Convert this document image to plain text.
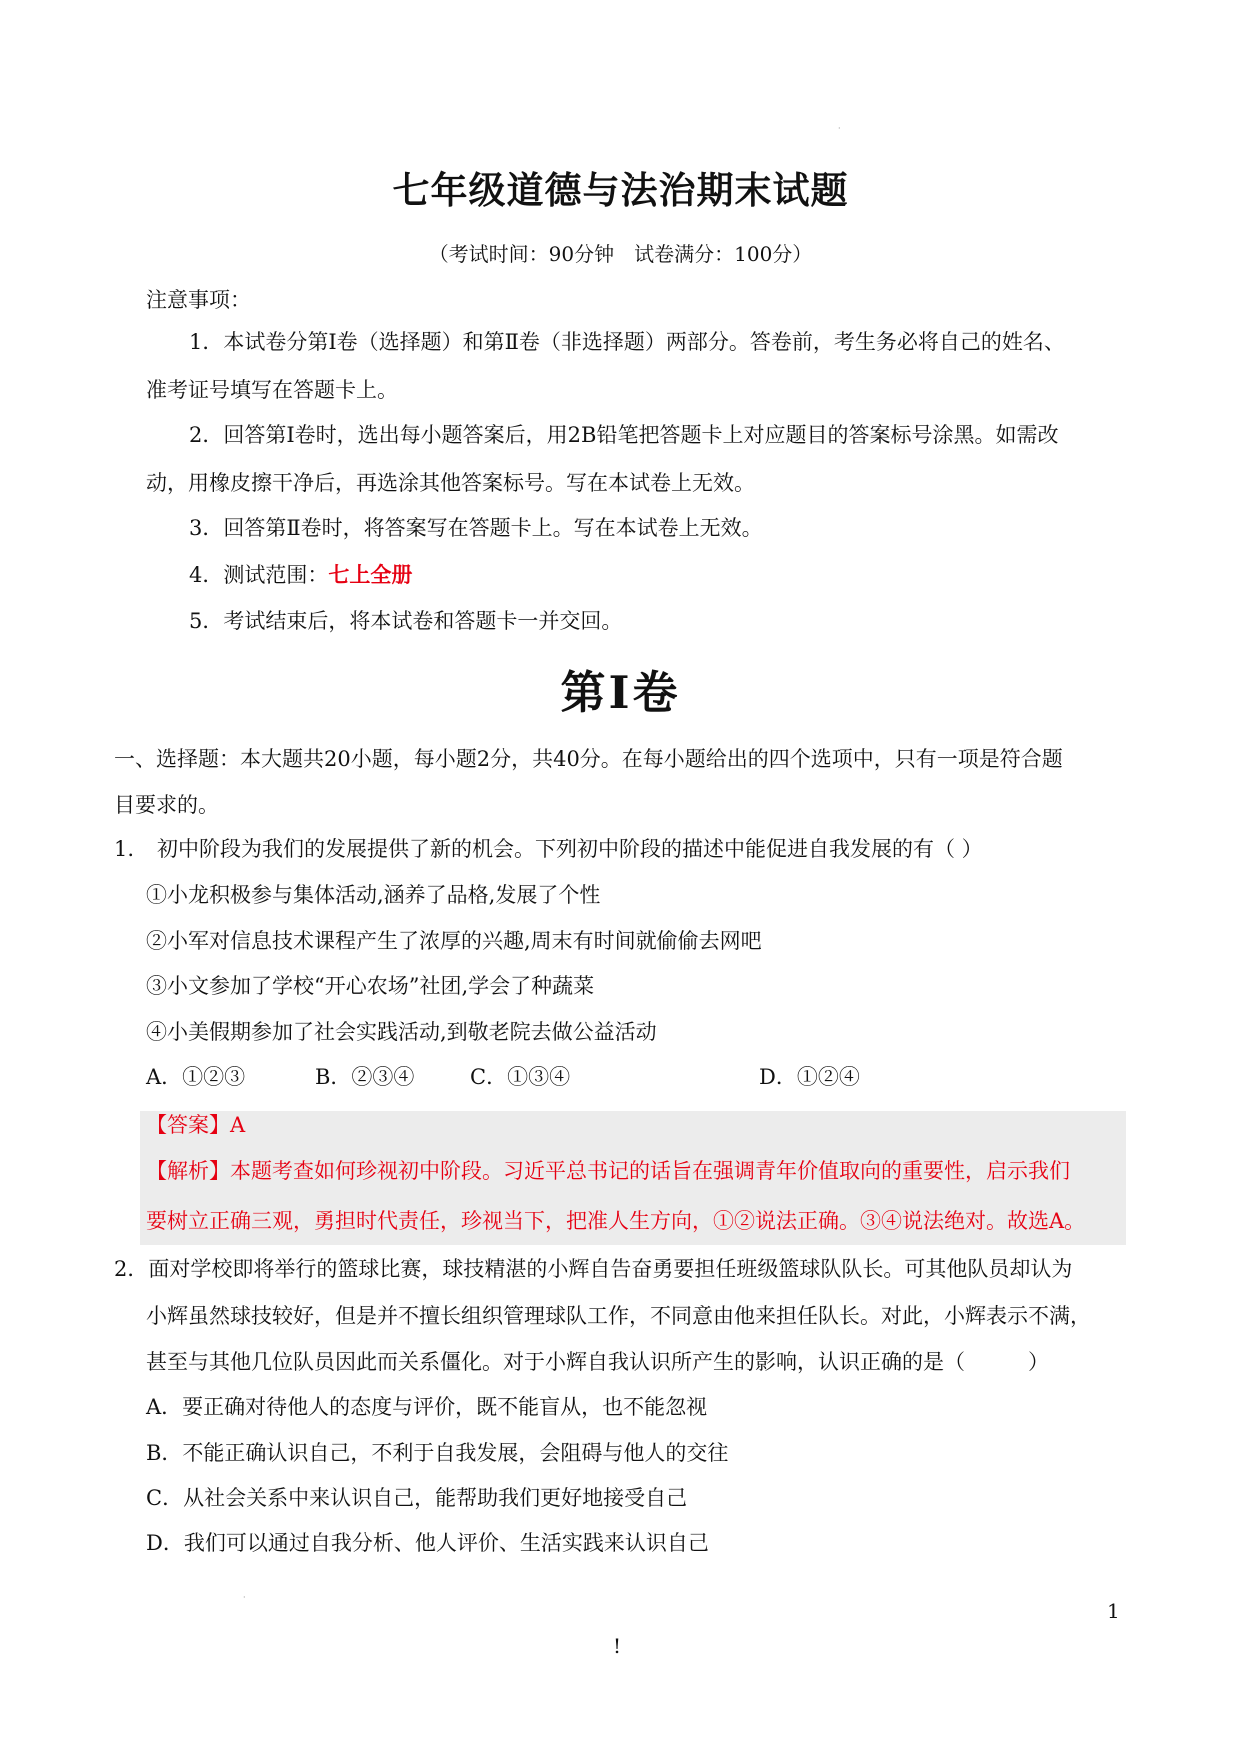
·
七年级道德与法治期末试题
（考试时间：90分钟　试卷满分：100分）
注意事项：
1．本试卷分第Ⅰ卷（选择题）和第Ⅱ卷（非选择题）两部分。答卷前，考生务必将自己的姓名、
准考证号填写在答题卡上。
2．回答第Ⅰ卷时，选出每小题答案后，用2B铅笔把答题卡上对应题目的答案标号涂黑。如需改
动，用橡皮擦干净后，再选涂其他答案标号。写在本试卷上无效。
3．回答第Ⅱ卷时，将答案写在答题卡上。写在本试卷上无效。
4．测试范围：七上全册
5．考试结束后，将本试卷和答题卡一并交回。
第Ⅰ卷
一、选择题：本大题共20小题，每小题2分，共40分。在每小题给出的四个选项中，只有一项是符合题
目要求的。
1. 初中阶段为我们的发展提供了新的机会。下列初中阶段的描述中能促进自我发展的有（ ）
①小龙积极参与集体活动,涵养了品格,发展了个性
②小军对信息技术课程产生了浓厚的兴趣,周末有时间就偷偷去网吧
③小文参加了学校“开心农场”社团,学会了种蔬菜
④小美假期参加了社会实践活动,到敬老院去做公益活动
A．①②③	B．②③④	C．①③④	D．①②④
【答案】A
【解析】本题考查如何珍视初中阶段。习近平总书记的话旨在强调青年价值取向的重要性，启示我们
要树立正确三观，勇担时代责任，珍视当下，把准人生方向，①②说法正确。③④说法绝对。故选A。
2．面对学校即将举行的篮球比赛，球技精湛的小辉自告奋勇要担任班级篮球队队长。可其他队员却认为
小辉虽然球技较好，但是并不擅长组织管理球队工作，不同意由他来担任队长。对此，小辉表示不满，
甚至与其他几位队员因此而关系僵化。对于小辉自我认识所产生的影响，认识正确的是（　　　）
A．要正确对待他人的态度与评价，既不能盲从，也不能忽视
B．不能正确认识自己，不利于自我发展，会阻碍与他人的交往
C．从社会关系中来认识自己，能帮助我们更好地接受自己
D．我们可以通过自我分析、他人评价、生活实践来认识自己
·
1
!
